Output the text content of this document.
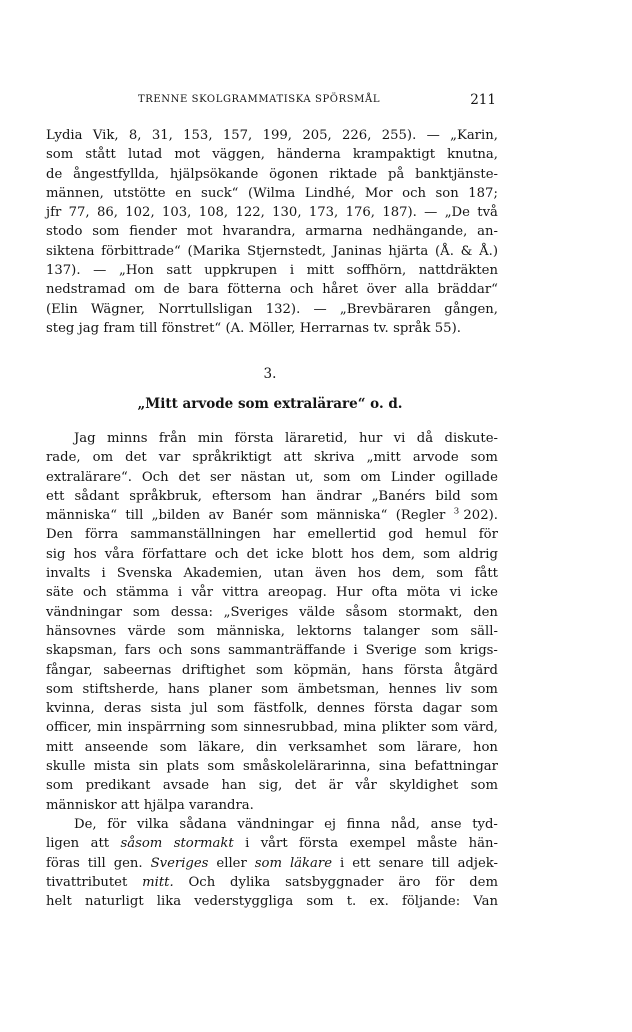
TRENNE SKOLGRAMMATISKA SPÖRSMÅL	211
Lydia Vik, 8, 31, 153, 157, 199, 205, 226, 255). — „Karin,
som stått lutad mot väggen, händerna krampaktigt knutna,
de ångestfyllda, hjälpsökande ögonen riktade på banktjänste-
männen, utstötte en suck“ (Wilma Lindhé, Mor och son 187;
jfr 77, 86, 102, 103, 108, 122, 130, 173, 176, 187). — „De två
stodo som fiender mot hvarandra, armarna nedhängande, an-
siktena förbittrade“ (Marika Stjernstedt, Janinas hjärta (Å. & Å.)
137). — „Hon satt uppkrupen i mitt soffhörn, nattdräkten
nedstramad om de bara fötterna och håret över alla bräddar“
(Elin Wägner, Norrtullsligan 132). — „Brevbäraren gången,
steg jag fram till fönstret“ (A. Möller, Herrarnas tv. språk 55).
3.
„Mitt arvode som extralärare“ o. d.
Jag minns från min första läraretid, hur vi då diskute-
rade, om det var språkriktigt att skriva „mitt arvode som
extralärare“. Och det ser nästan ut, som om Linder ogillade
ett sådant språkbruk, eftersom han ändrar „Banérs bild som
människa“ till „bilden av Banér som människa“ (Regler $^3$ 202).
Den förra sammanställningen har emellertid god hemul för
sig hos våra författare och det icke blott hos dem, som aldrig
invalts i Svenska Akademien, utan även hos dem, som fått
säte och stämma i vår vittra areopag. Hur ofta möta vi icke
vändningar som dessa: „Sveriges välde såsom stormakt, den
hänsovnes värde som människa, lektorns talanger som säll-
skapsman, fars och sons sammanträffande i Sverige som krigs-
fångar, sabeernas driftighet som köpmän, hans första åtgärd
som stiftsherde, hans planer som ämbetsman, hennes liv som
kvinna, deras sista jul som fästfolk, dennes första dagar som
officer, min inspärrning som sinnesrubbad, mina plikter som värd,
mitt anseende som läkare, din verksamhet som lärare, hon
skulle mista sin plats som småskolelärarinna, sina befattningar
som predikant avsade han sig, det är vår skyldighet som
människor att hjälpa varandra.
De, för vilka sådana vändningar ej finna nåd, anse tyd-
ligen att såsom stormakt i vårt första exempel måste hän-
föras till gen. Sveriges eller som läkare i ett senare till adjek-
tivattributet mitt. Och dylika satsbyggnader äro för dem
helt naturligt lika vederstyggliga som t. ex. följande: Van
